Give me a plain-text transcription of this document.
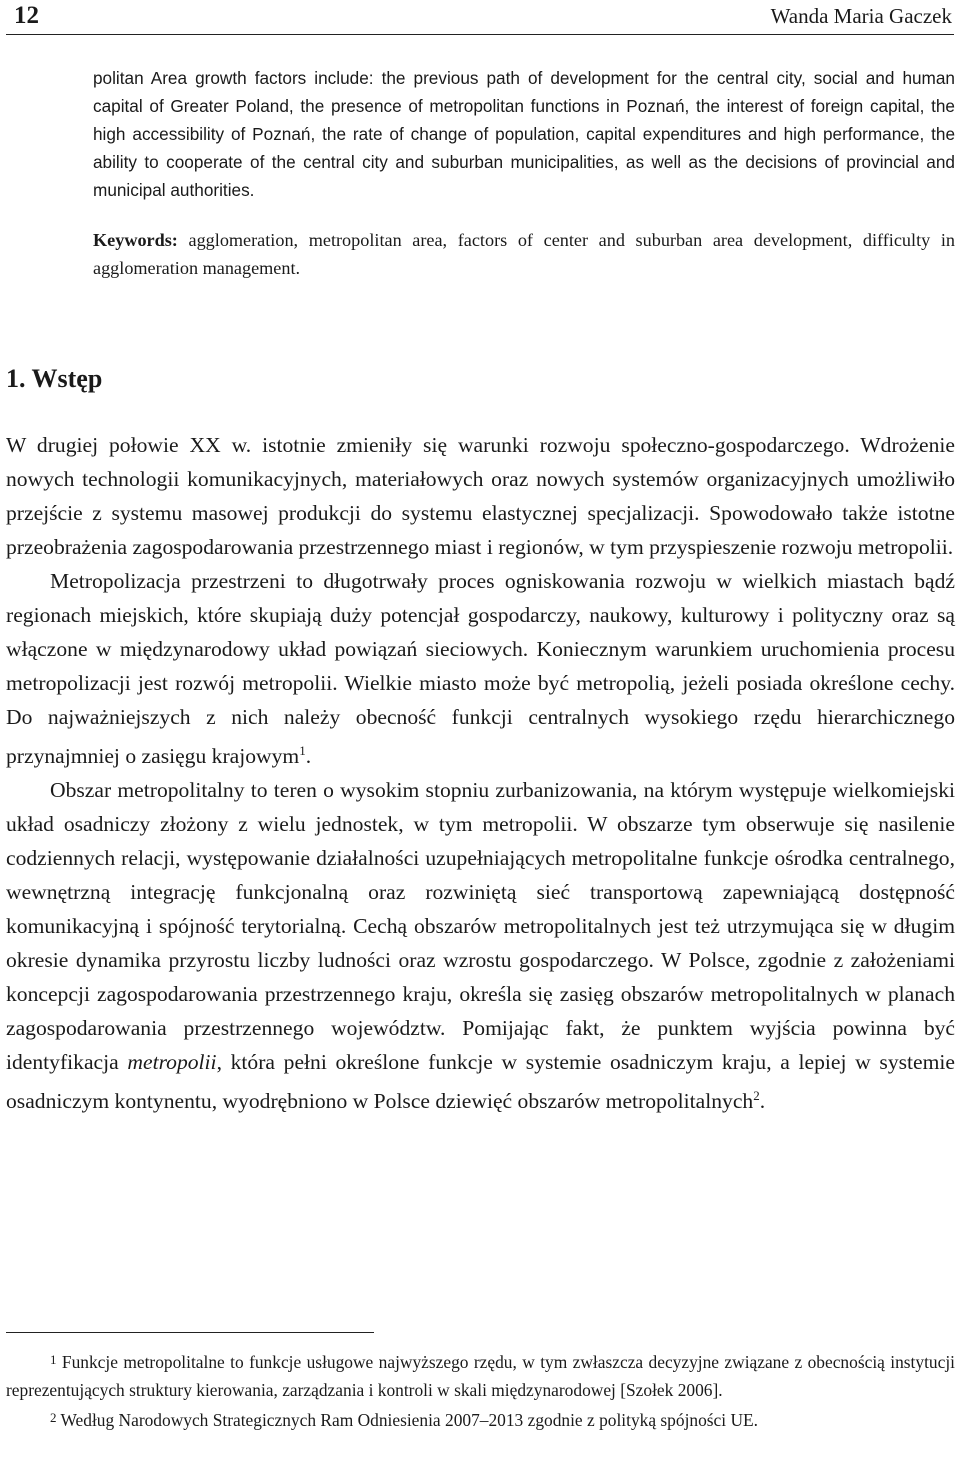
12	Wanda Maria Gaczek

politan Area growth factors include: the previous path of development for the central city, social and human capital of Greater Poland, the presence of metropolitan functions in Poznań, the interest of foreign capital, the high accessibility of Poznań, the rate of change of population, capital expenditures and high performance, the ability to cooperate of the central city and suburban municipalities, as well as the decisions of provincial and municipal authorities.

Keywords: agglomeration, metropolitan area, factors of center and suburban area development, difficulty in agglomeration management.

1. Wstęp

W drugiej połowie XX w. istotnie zmieniły się warunki rozwoju społeczno-gospodarczego. Wdrożenie nowych technologii komunikacyjnych, materiałowych oraz nowych systemów organizacyjnych umożliwiło przejście z systemu masowej produkcji do systemu elastycznej specjalizacji. Spowodowało także istotne przeobrażenia zagospodarowania przestrzennego miast i regionów, w tym przyspieszenie rozwoju metropolii.

Metropolizacja przestrzeni to długotrwały proces ogniskowania rozwoju w wielkich miastach bądź regionach miejskich, które skupiają duży potencjał gospodarczy, naukowy, kulturowy i polityczny oraz są włączone w międzynarodowy układ powiązań sieciowych. Koniecznym warunkiem uruchomienia procesu metropolizacji jest rozwój metropolii. Wielkie miasto może być metropolią, jeżeli posiada określone cechy. Do najważniejszych z nich należy obecność funkcji centralnych wysokiego rzędu hierarchicznego przynajmniej o zasięgu krajowym$^1$.

Obszar metropolitalny to teren o wysokim stopniu zurbanizowania, na którym występuje wielkomiejski układ osadniczy złożony z wielu jednostek, w tym metropolii. W obszarze tym obserwuje się nasilenie codziennych relacji, występowanie działalności uzupełniających metropolitalne funkcje ośrodka centralnego, wewnętrzną integrację funkcjonalną oraz rozwiniętą sieć transportową zapewniającą dostępność komunikacyjną i spójność terytorialną. Cechą obszarów metropolitalnych jest też utrzymująca się w długim okresie dynamika przyrostu liczby ludności oraz wzrostu gospodarczego. W Polsce, zgodnie z założeniami koncepcji zagospodarowania przestrzennego kraju, określa się zasięg obszarów metropolitalnych w planach zagospodarowania przestrzennego województw. Pomijając fakt, że punktem wyjścia powinna być identyfikacja metropolii, która pełni określone funkcje w systemie osadniczym kraju, a lepiej w systemie osadniczym kontynentu, wyodrębniono w Polsce dziewięć obszarów metropolitalnych$^2$.

$^1$ Funkcje metropolitalne to funkcje usługowe najwyższego rzędu, w tym zwłaszcza decyzyjne związane z obecnością instytucji reprezentujących struktury kierowania, zarządzania i kontroli w skali międzynarodowej [Szołek 2006].

$^2$ Według Narodowych Strategicznych Ram Odniesienia 2007–2013 zgodnie z polityką spójności UE.
